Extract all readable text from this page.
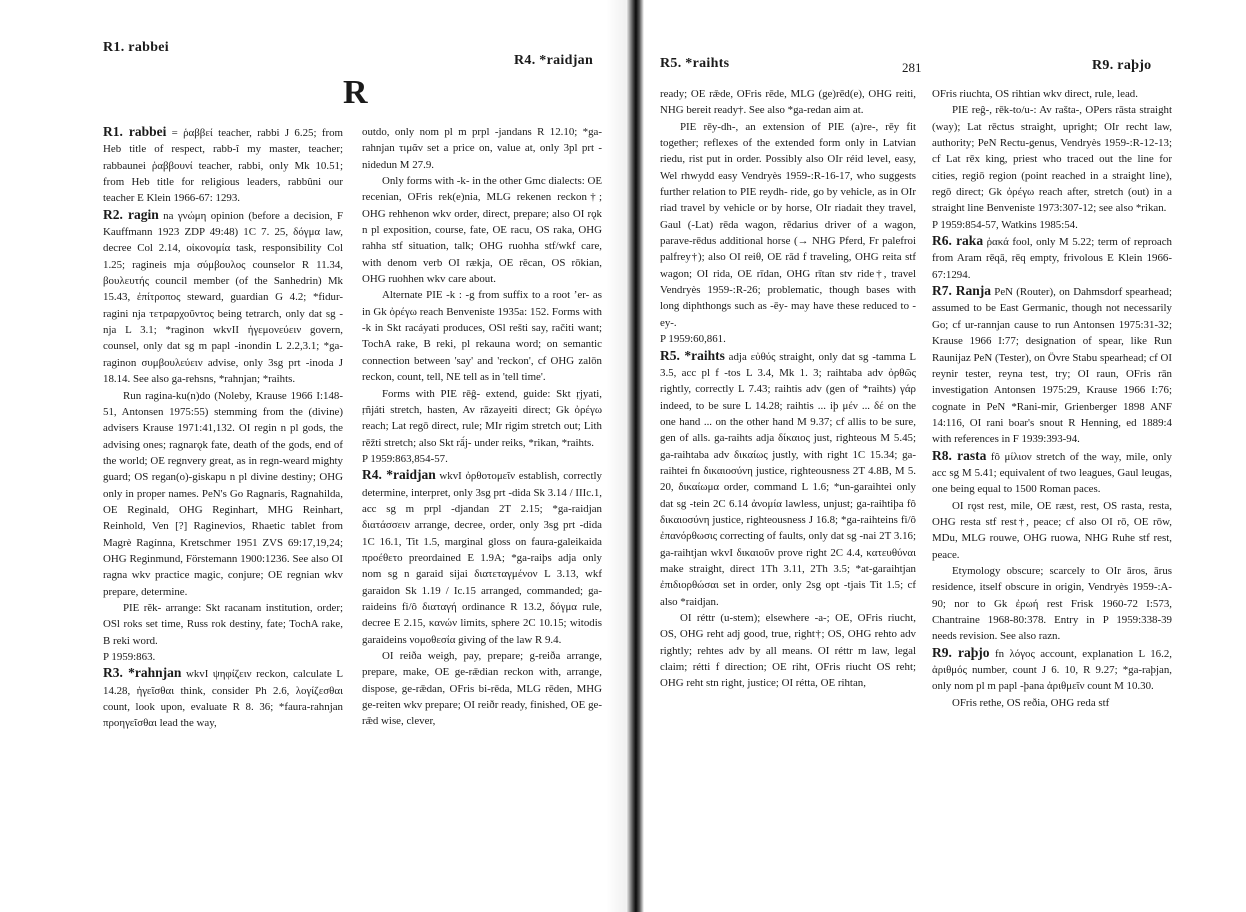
R1. rabbei
R4. *raidjan
R

R1. rabbei = ῥαββεί teacher, rabbi J 6.25; from Heb title of respect, rabb-î my master, teacher; rabbaunei ῥαββουνί teacher, rabbi, only Mk 10.51; from Heb title for religious leaders, rabbûni our teacher E Klein 1966-67: 1293.

R2. ragin na γνώμη opinion (before a decision, F Kauffmann 1923 ZDP 49:48) 1C 7. 25, δόγμα law, decree Col 2.14, οἰκονομία task, responsibility Col 1.25; ragineis mja σύμβουλος counselor R 11.34, βουλευτής council member (of the Sanhedrin) Mk 15.43, ἐπίτροπος steward, guardian G 4.2; *fidur-ragini nja τετραρχοῦντος being tetrarch, only dat sg -nja L 3.1; *raginon wkvII ἡγεμονεύειν govern, counsel, only dat sg m papl -inondin L 2.2,3.1; *ga-raginon συμβουλεύειν advise, only 3sg prt -inoda J 18.14. See also ga-rehsns, *rahnjan; *raihts.

Run ragina-ku(n)do (Noleby, Krause 1966 I:148-51, Antonsen 1975:55) stemming from the (divine) advisers Krause 1971:41,132. OI regin n pl gods, the advising ones; ragnarǫk fate, death of the gods, end of the world; OE regnvery great, as in regn-weard mighty guard; OS regan(o)-giskapu n pl divine destiny; OHG only in proper names. PeN's Go Ragnaris, Ragnahilda, OE Reginald, OHG Reginhart, MHG Reinhart, Reinhold, Ven [?] Raginevios, Rhaetic tablet from Magrè Ragínna, Kretschmer 1951 ZVS 69:17,19,24; OHG Reginmund, Förstemann 1900:1236. See also OI ragna wkv practice magic, conjure; OE regnian wkv prepare, determine.

PIE rĕk- arrange: Skt racanam institution, order; OSl roks set time, Russ rok destiny, fate; TochA rake, B reki word.

P 1959:863.

R3. *rahnjan wkvI ψηφίζειν reckon, calculate L 14.28, ἡγεῖσθαι think, consider Ph 2.6, λογίζεσθαι count, look upon, evaluate R 8. 36; *faura-rahnjan προηγεῖσθαι lead the way,

outdo, only nom pl m prpl -jandans R 12.10; *ga-rahnjan τιμᾶν set a price on, value at, only 3pl prt -nidedun M 27.9.

Only forms with -k- in the other Gmc dialects: OE recenian, OFris rek(e)nia, MLG rekenen reckon†; OHG rehhenon wkv order, direct, prepare; also OI rǫk n pl exposition, course, fate, OE racu, OS raka, OHG rahha stf situation, talk; OHG ruohha stf/wkf care, with denom verb OI rækja, OE rēcan, OS rōkian, OHG ruohhen wkv care about.

Alternate PIE -k : -g from suffix to a root ʼer- as in Gk ὀρέγω reach Benveniste 1935a: 152. Forms with -k in Skt racáyati produces, OSl rešti say, račiti want; TochA rake, B reki, pl rekauna word; on semantic connection between 'say' and 'reckon', cf OHG zalōn reckon, count, tell, NE tell as in 'tell time'.

Forms with PIE rēĝ- extend, guide: Skt ṛjyati, ṛñjáti stretch, hasten, Av rāzayeiti direct; Gk ὀρέγω reach; Lat regō direct, rule; MIr rigim stretch out; Lith rēžti stretch; also Skt rā́j- under reiks, *rikan, *raihts.

P 1959:863,854-57.

R4. *raidjan wkvI ὀρθοτομεῖν establish, correctly determine, interpret, only 3sg prt -dida Sk 3.14 / IIIc.1, acc sg m prpl -djandan 2T 2.15; *ga-raidjan διατάσσειν arrange, decree, order, only 3sg prt -dida 1C 16.1, Tit 1.5, marginal gloss on faura-galeikaida προέθετο preordained E 1.9A; *ga-raiþs adja only nom sg n garaid sijai διατεταγμένον L 3.13, wkf garaidon Sk 1.19 / Ic.15 arranged, commanded; ga-raideins fi/ô διαταγή ordinance R 13.2, δόγμα rule, decree E 2.15, κανών limits, sphere 2C 10.15; witodis garaideins νομοθεσία giving of the law R 9.4.

OI reiða weigh, pay, prepare; g-reiða arrange, prepare, make, OE ge-rǣdian reckon with, arrange, dispose, ge-rǣdan, OFris bi-rēda, MLG rēden, MHG ge-reiten wkv prepare; OI reiðr ready, finished, OE ge-rǣd wise, clever,

R5. *raihts	281	R9. raþjo

ready; OE rǣde, OFris rēde, MLG (ge)rēd(e), OHG reiti, NHG bereit ready†. See also *ga-redan aim at.

PIE rēy-dh-, an extension of PIE (a)re-, rēy fit together; reflexes of the extended form only in Latvian riedu, rist put in order. Possibly also OIr réid level, easy, Wel rhwydd easy Vendryès 1959-:R-16-17, who suggests further relation to PIE reydh- ride, go by vehicle, as in OIr riad travel by vehicle or by horse, OIr riadait they travel, Gaul (-Lat) rēda wagon, rēdarius driver of a wagon, parave-rēdus additional horse (→ NHG Pferd, Fr palefroi palfrey†); also OI reiθ, OE rād f traveling, OHG reita stf wagon; OI rida, OE rīdan, OHG rītan stv ride†, travel Vendryès 1959-:R-26; problematic, though bases with long diphthongs such as -ēy- may have these reduced to -ey-.

P 1959:60,861.

R5. *raihts adja εὐθύς straight, only dat sg -tamma L 3.5, acc pl f -tos L 3.4, Mk 1. 3; raihtaba adv ὀρθῶς rightly, correctly L 7.43; raihtis adv (gen of *raihts) γάρ indeed, to be sure L 14.28; raihtis ... iþ μέν ... δέ on the one hand ... on the other hand M 9.37; cf allis to be sure, gen of alls. ga-raihts adja δίκαιος just, righteous M 5.45; ga-raihtaba adv δικαίως justly, with right 1C 15.34; ga-raihtei fn δικαιοσύνη justice, righteousness 2T 4.8B, M 5. 20, δικαίωμα order, command L 1.6; *un-garaihtei only dat sg -tein 2C 6.14 ἀνομία lawless, unjust; ga-raihtiþa fô δικαιοσύνη justice, righteousness J 16.8; *ga-raihteins fi/ô ἐπανόρθωσις correcting of faults, only dat sg -nai 2T 3.16; ga-raihtjan wkvI δικαιοῦν prove right 2C 4.4, κατευθύναι make straight, direct 1Th 3.11, 2Th 3.5; *at-garaihtjan ἐπιδιορθώσαι set in order, only 2sg opt -tjais Tit 1.5; cf also *raidjan.

OI réttr (u-stem); elsewhere -a-; OE, OFris riucht, OS, OHG reht adj good, true, right†; OS, OHG rehto adv rightly; rehtes adv by all means. OI réttr m law, legal claim; rétti f direction; OE riht, OFris riucht OS reht; OHG reht stn right, justice; OI rétta, OE rihtan,

OFris riuchta, OS rihtian wkv direct, rule, lead.

PIE reĝ-, rēk-to/u-: Av rašta-, OPers rāsta straight (way); Lat rēctus straight, upright; OIr recht law, authority; PeN Rectu-genus, Vendryès 1959-:R-12-13; cf Lat rēx king, priest who traced out the line for cities, regiō region (point reached in a straight line), regō direct; Gk ὀρέγω reach after, stretch (out) in a straight line Benveniste 1973:307-12; see also *rikan.

P 1959:854-57, Watkins 1985:54.

R6. raka ῥακά fool, only M 5.22; term of reproach from Aram rēqā, rēq empty, frivolous E Klein 1966-67:1294.

R7. Ranja PeN (Router), on Dahmsdorf spearhead; assumed to be East Germanic, though not necessarily Go; cf ur-rannjan cause to run Antonsen 1975:31-32; Krause 1966 I:77; designation of spear, like Run Raunijaz PeN (Tester), on Övre Stabu spearhead; cf OI reynir tester, reyna test, try; OI raun, OFris rān investigation Antonsen 1975:29, Krause 1966 I:76; cognate in PeN *Rani-mir, Grienberger 1898 ANF 14:116, OI rani boar's snout R Henning, ed 1889:4 with references in F 1939:393-94.

R8. rasta fô μίλιον stretch of the way, mile, only acc sg M 5.41; equivalent of two leagues, Gaul leugas, one being equal to 1500 Roman paces.

OI rǫst rest, mile, OE ræst, rest, OS rasta, resta, OHG resta stf rest†, peace; cf also OI rō, OE rōw, MDu, MLG rouwe, OHG ruowa, NHG Ruhe stf rest, peace.

Etymology obscure; scarcely to OIr āros, ārus residence, itself obscure in origin, Vendryès 1959-:A-90; nor to Gk ἐρωή rest Frisk 1960-72 I:573, Chantraine 1968-80:378. Entry in P 1959:338-39 needs revision. See also razn.

R9. raþjo fn λόγος account, explanation L 16.2, ἀριθμός number, count J 6. 10, R 9.27; *ga-raþjan, only nom pl m papl -þana ἀριθμεῖν count M 10.30.

OFris rethe, OS reðia, OHG reda stf
